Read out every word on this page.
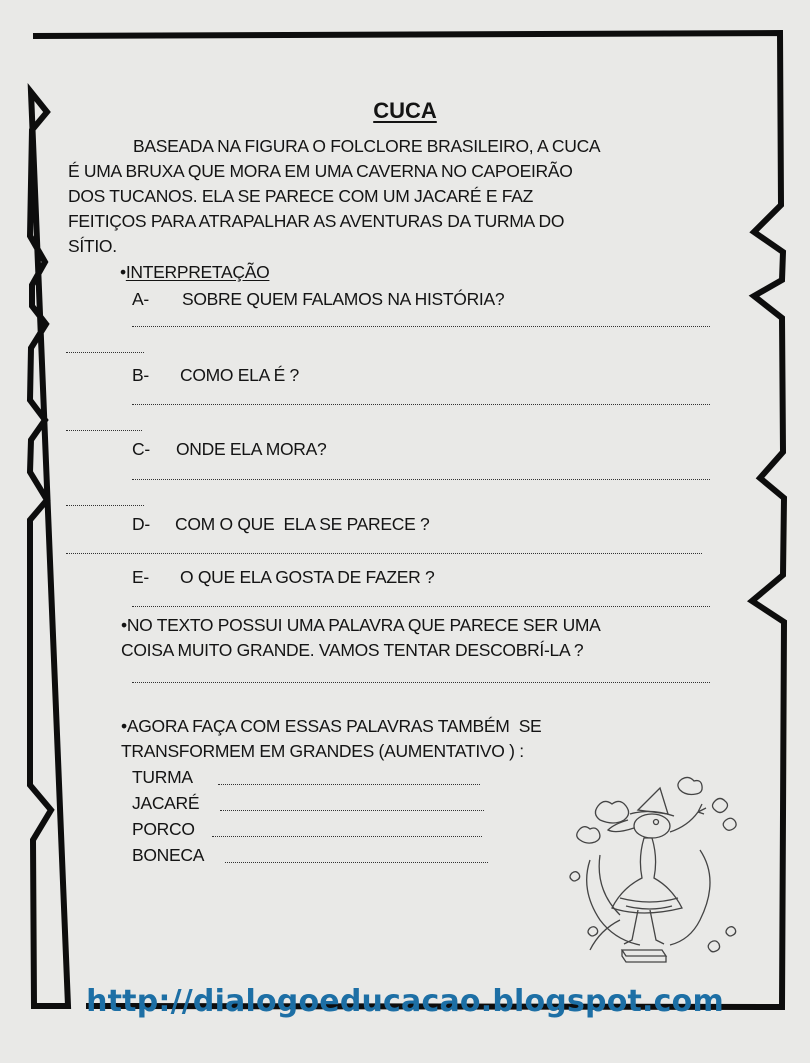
CUCA
BASEADA NA FIGURA O FOLCLORE BRASILEIRO, A CUCA
É UMA BRUXA QUE MORA EM UMA CAVERNA NO CAPOEIRÃO
DOS TUCANOS. ELA SE PARECE COM UM JACARÉ E FAZ
FEITIÇOS PARA ATRAPALHAR AS AVENTURAS DA TURMA DO
SÍTIO.
•INTERPRETAÇÃO
A- SOBRE QUEM FALAMOS NA HISTÓRIA?
B- COMO ELA É ?
C- ONDE ELA MORA?
D- COM O QUE  ELA SE PARECE ?
E- O QUE ELA GOSTA DE FAZER ?
•NO TEXTO POSSUI UMA PALAVRA QUE PARECE SER UMA
COISA MUITO GRANDE. VAMOS TENTAR DESCOBRÍ-LA ?
•AGORA FAÇA COM ESSAS PALAVRAS TAMBÉM  SE
TRANSFORMEM EM GRANDES (AUMENTATIVO ) :
TURMA
JACARÉ
PORCO
BONECA
http://dialogoeducacao.blogspot.com
